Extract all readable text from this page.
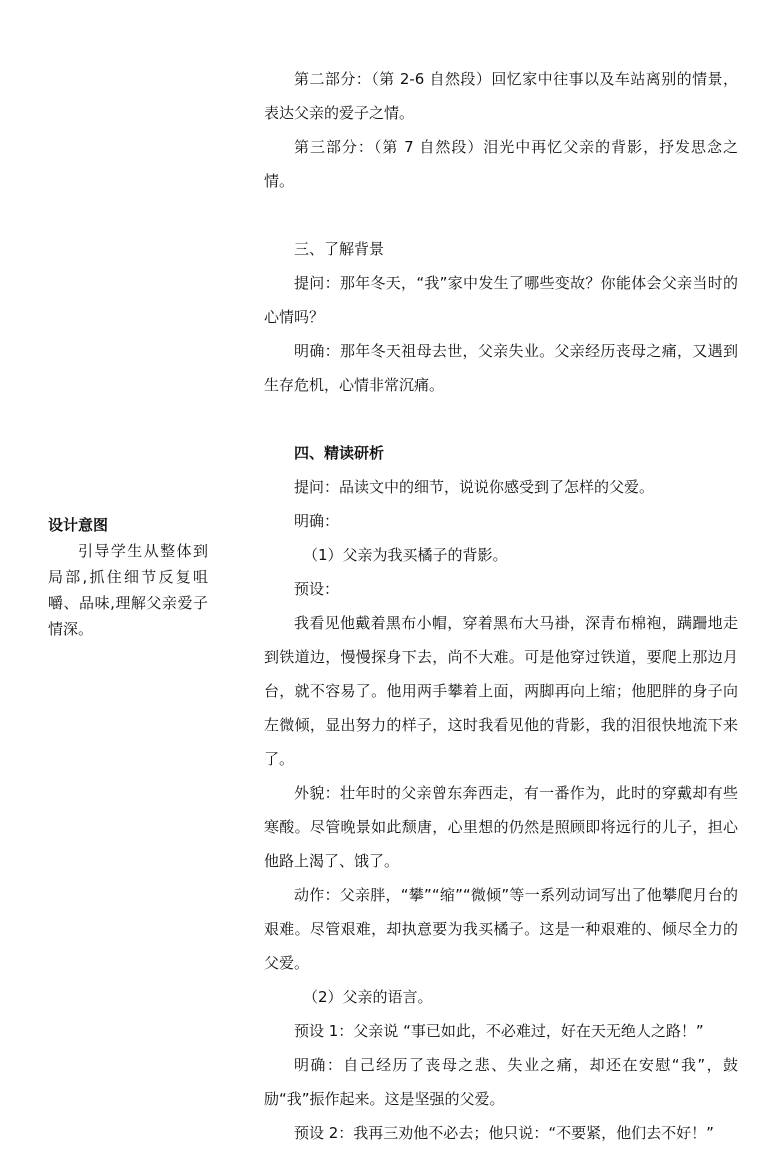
设计意图
引导学生从整体到局部,抓住细节反复咀嚼、品味,理解父亲爱子情深。

第二部分：（第 2-6 自然段）回忆家中往事以及车站离别的情景，表达父亲的爱子之情。

第三部分：（第 7 自然段）泪光中再忆父亲的背影，抒发思念之情。

三、了解背景

提问：那年冬天，“我”家中发生了哪些变故？你能体会父亲当时的心情吗？

明确：那年冬天祖母去世，父亲失业。父亲经历丧母之痛，又遇到生存危机，心情非常沉痛。

四、精读研析

提问：品读文中的细节，说说你感受到了怎样的父爱。

明确：

（1）父亲为我买橘子的背影。

预设：

我看见他戴着黑布小帽，穿着黑布大马褂，深青布棉袍，蹒跚地走到铁道边，慢慢探身下去，尚不大难。可是他穿过铁道，要爬上那边月台，就不容易了。他用两手攀着上面，两脚再向上缩；他肥胖的身子向左微倾，显出努力的样子，这时我看见他的背影，我的泪很快地流下来了。

外貌：壮年时的父亲曾东奔西走，有一番作为，此时的穿戴却有些寒酸。尽管晚景如此颓唐，心里想的仍然是照顾即将远行的儿子，担心他路上渴了、饿了。

动作：父亲胖，“攀”“缩”“微倾”等一系列动词写出了他攀爬月台的艰难。尽管艰难，却执意要为我买橘子。这是一种艰难的、倾尽全力的父爱。

（2）父亲的语言。

预设 1：父亲说 “事已如此，不必难过，好在天无绝人之路！”

明确：自己经历了丧母之悲、失业之痛，却还在安慰“我”，鼓励“我”振作起来。这是坚强的父爱。

预设 2：我再三劝他不必去；他只说：“不要紧，他们去不好！”
